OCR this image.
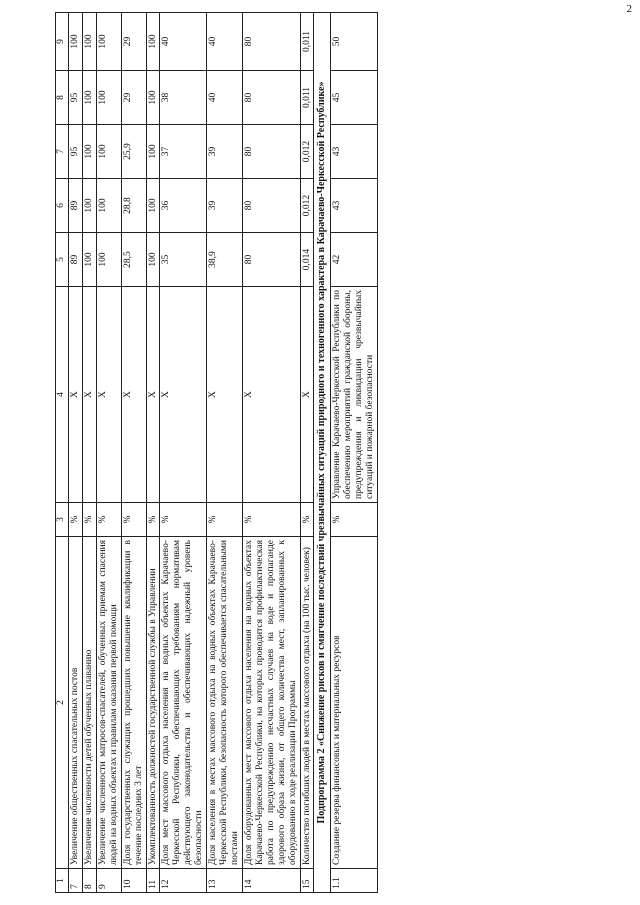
2
1	2	3	4	5	6	7	8	9
7	Увеличение общественных спасательных постов	%	X	89	89	95	95	100
8	Увеличение численности детей обученных плаванию	%	X	100	100	100	100	100
9	Увеличение численности матросов-спасателей, обученных приемам спасения людей на водных объектах и правилам оказания первой помощи	%	X	100	100	100	100	100
10	Доля государственных служащих прошедших повышение квалификации в течение последних 3 лет	%	X	28,5	28,8	25,9	29	29
11	Укомплектованность должностей государственной службы в Управлении	%	X	100	100	100	100	100
12	Доля мест массового отдыха населения на водных объектах Карачаево-Черкесской Республики, обеспечивающих требованиям нормативам действующего законодательства и обеспечивающих надежный уровень безопасности	%	X	35	36	37	38	40
13	Доля населения в местах массового отдыха на водных объектах Карачаево-Черкесской Республики, безопасность которого обеспечивается спасательными постами	%	X	38,9	39	39	40	40
14	Доля оборудованных мест массового отдыха населения на водных объектах Карачаево-Черкесской Республики, на которых проводится профилактическая работа по предупреждению несчастных случаев на воде и пропаганде здорового образа жизни, от общего количества мест, запланированных к оборудованию в ходе реализации Программы	%	X	80	80	80	80	80
15	Количество погибших людей в местах массового отдыха (на 100 тыс. человек)	%	X	0,014	0,012	0,012	0,011	0,011
Подпрограмма 2 «Снижение рисков и смягчение последствий чрезвычайных ситуаций природного и техногенного характера в Карачаево-Черкесской Республике»								
1.1	Создание резерва финансовых и материальных ресурсов	%	Управление Карачаево-Черкесской Республики по обеспечению мероприятий гражданской обороны, предупреждения и ликвидации чрезвычайных ситуаций и пожарной безопасности	42	43	43	45	50
